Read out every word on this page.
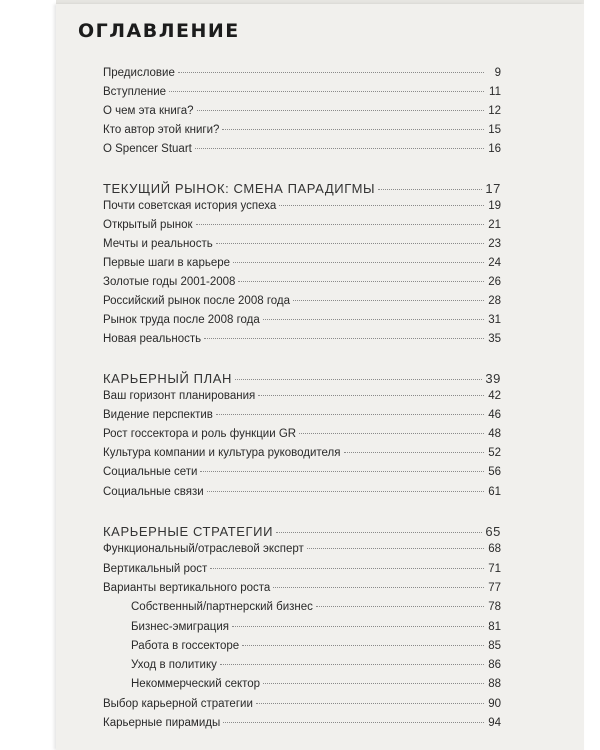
ОГЛАВЛЕНИЕ
Предисловие	9
Вступление	11
О чем эта книга?	12
Кто автор этой книги?	15
O Spencer Stuart	16
ТЕКУЩИЙ РЫНОК: СМЕНА ПАРАДИГМЫ	17
Почти советская история успеха	19
Открытый рынок	21
Мечты и реальность	23
Первые шаги в карьере	24
Золотые годы 2001-2008	26
Российский рынок после 2008 года	28
Рынок труда после 2008 года	31
Новая реальность	35
КАРЬЕРНЫЙ ПЛАН	39
Ваш горизонт планирования	42
Видение перспектив	46
Рост госсектора и роль функции GR	48
Культура компании и культура руководителя	52
Социальные сети	56
Социальные связи	61
КАРЬЕРНЫЕ СТРАТЕГИИ	65
Функциональный/отраслевой эксперт	68
Вертикальный рост	71
Варианты вертикального роста	77
Собственный/партнерский бизнес	78
Бизнес-эмиграция	81
Работа в госсекторе	85
Уход в политику	86
Некоммерческий сектор	88
Выбор карьерной стратегии	90
Карьерные пирамиды	94
